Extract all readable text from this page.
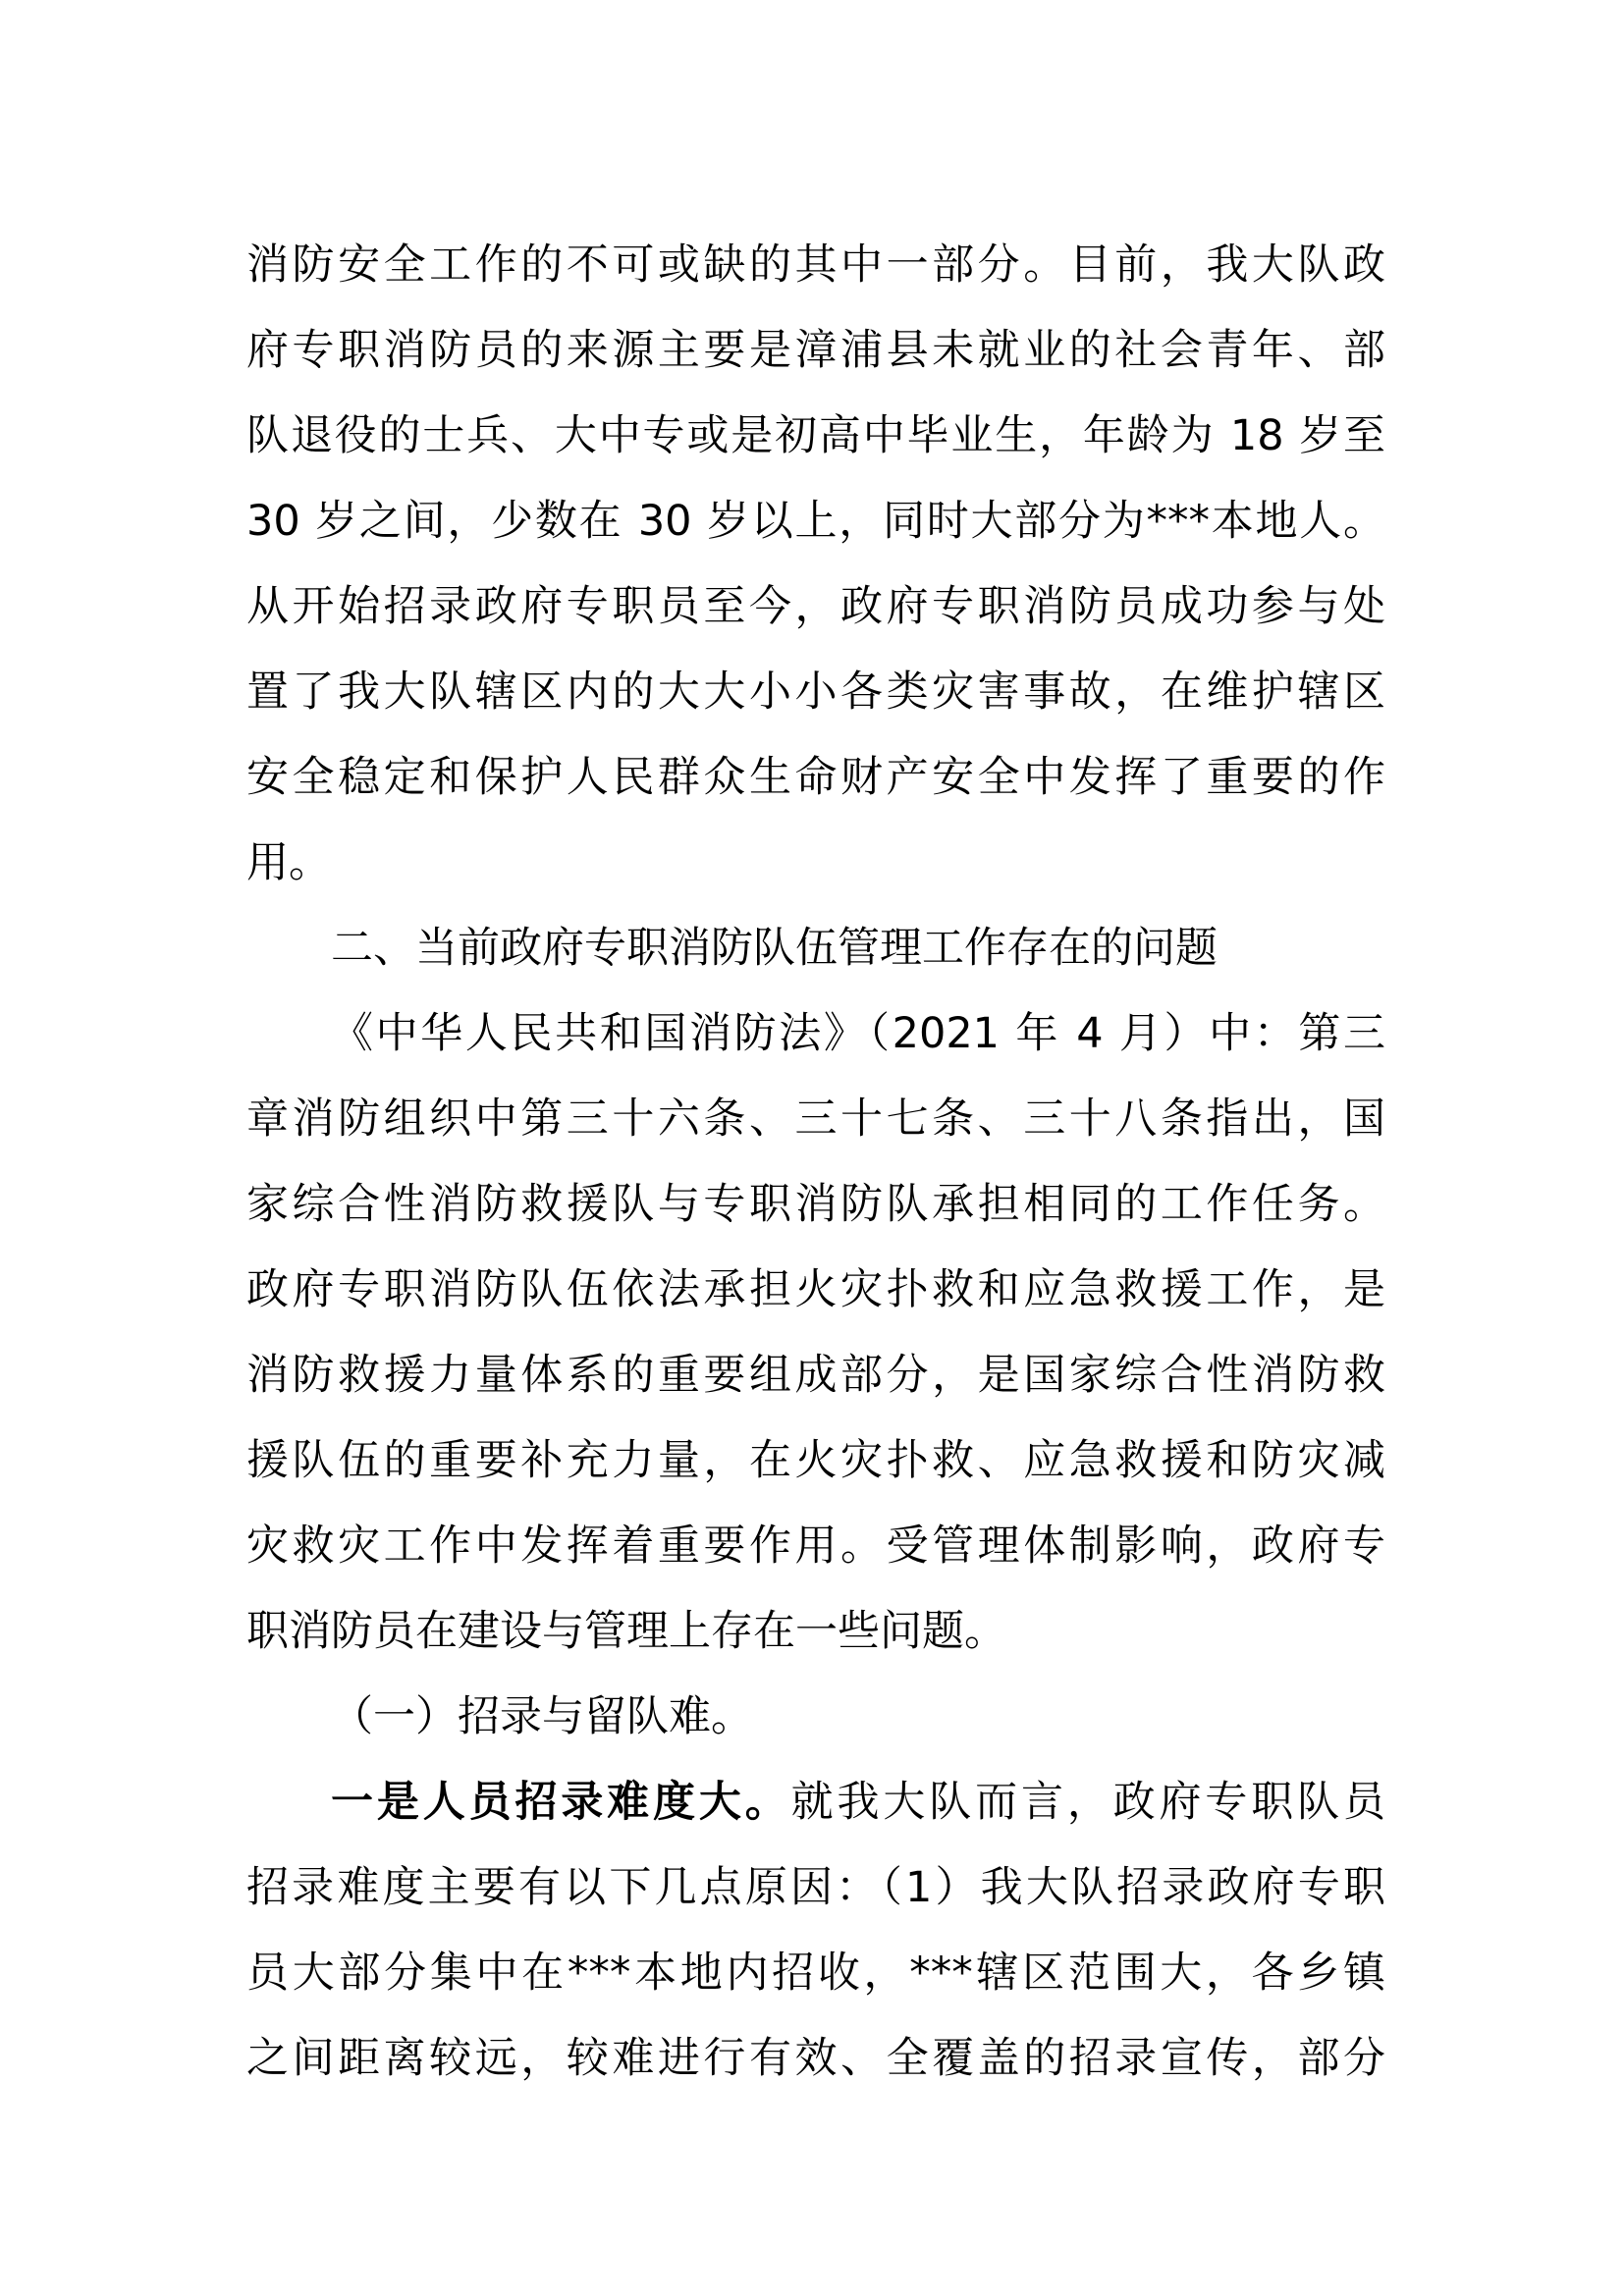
消防安全工作的不可或缺的其中一部分。目前，我大队政
府专职消防员的来源主要是漳浦县未就业的社会青年、部
队退役的士兵、大中专或是初高中毕业生，年龄为 18 岁至
30 岁之间，少数在 30 岁以上，同时大部分为***本地人。
从开始招录政府专职员至今，政府专职消防员成功参与处
置了我大队辖区内的大大小小各类灾害事故，在维护辖区
安全稳定和保护人民群众生命财产安全中发挥了重要的作
用。
二、当前政府专职消防队伍管理工作存在的问题
《中华人民共和国消防法》（2021 年 4 月）中：第三
章消防组织中第三十六条、三十七条、三十八条指出，国
家综合性消防救援队与专职消防队承担相同的工作任务。
政府专职消防队伍依法承担火灾扑救和应急救援工作，是
消防救援力量体系的重要组成部分，是国家综合性消防救
援队伍的重要补充力量，在火灾扑救、应急救援和防灾减
灾救灾工作中发挥着重要作用。受管理体制影响，政府专
职消防员在建设与管理上存在一些问题。
（一）招录与留队难。
一是人员招录难度大。就我大队而言，政府专职队员
招录难度主要有以下几点原因：（1）我大队招录政府专职
员大部分集中在***本地内招收，***辖区范围大，各乡镇
之间距离较远，较难进行有效、全覆盖的招录宣传，部分
